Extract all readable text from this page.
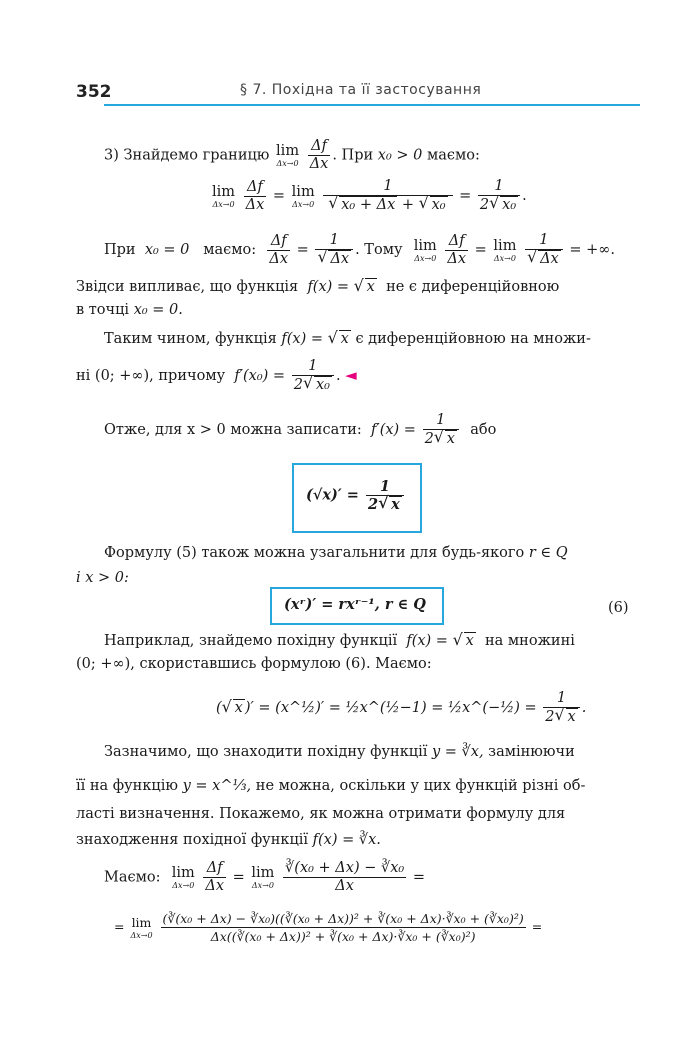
352	§ 7. Похідна та її застосування
3) Знайдемо границю lim
Δx→0
$\frac{\Delta f}{\Delta x}$ . При x₀ > 0 маємо:
lim
Δx→0
$\frac{\Delta f}{\Delta x} = \lim$
Δx→0
1
√ x₀ + Δx + √ $x_0 = \frac{1}{\text{2 √ x₀}}$ .
При x₀ = 0 маємо: $\frac{\Delta f}{\Delta x} = 1$
√ Δx . Тому lim
Δx→0
$\frac{\Delta f}{\Delta x} = \lim$
Δx→0
1
√ Δx = +∞.
Звідси випливає, що функція f(x) = √ x не є диференційовною
в точці x₀ = 0.
Таким чином, функція f(x) = √ x є диференційовною на множи-
ні (0; +∞), причому $f'(x_0) = \frac{1}{\text{2 √ x₀}}$ . ◄
Отже, для x > 0 можна записати: $f'(x) = \frac{1}{2 √ x}$ або
$(√x)' = \frac{1}{2 √ x}$
Формулу (5) також можна узагальнити для будь-якого r ∈ Q
і x > 0:
(xʳ)′ = rxʳ⁻¹, r ∈ Q	(6)
Наприклад, знайдемо похідну функції f(x) = √ x на множині
(0; +∞), скориставшись формулою (6). Маємо:
( √ x )′ = (x^½)′ = ½x^(½−1) = ½x^(−½) = $\frac{1}{2 √ x}$ .
Зазначимо, що знаходити похідну функції y = ∛x, замінюючи
її на функцію y = x^⅓, не можна, оскільки у цих функцій різні об-
ласті визначення. Покажемо, як можна отримати формулу для
знаходження похідної функції f(x) = ∛x.
Маємо: lim
Δx→0
$\frac{\Delta f}{\Delta x} = \lim$
Δx→0
$\frac{\text{∛(x₀ + Δx) − ∛x₀}}{\Delta x}$ =
= lim
Δx→0
$\frac{\text{(∛(x₀ + Δx) − ∛x₀)((∛(x₀ + Δx))² + ∛(x₀ + Δx)·∛x₀ + (∛x₀)²)}}{\text{Δx((∛(x₀ + Δx))² + ∛(x₀ + Δx)·∛x₀ + (∛x₀)²)}}$ =
